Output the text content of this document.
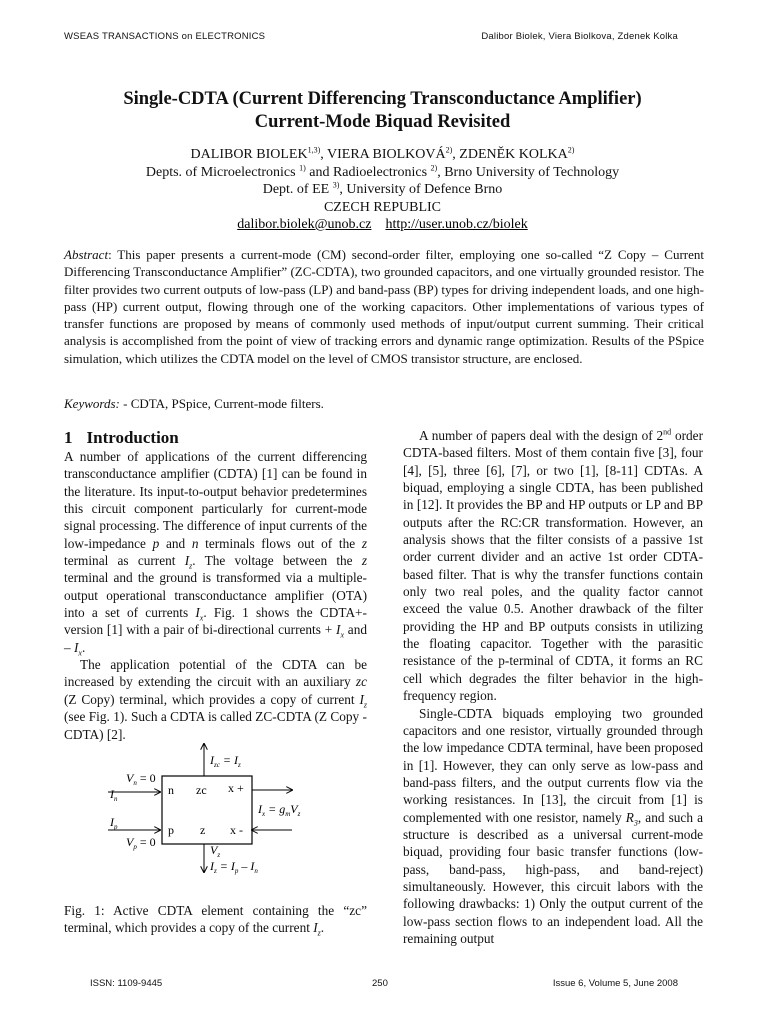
WSEAS TRANSACTIONS on ELECTRONICS	Dalibor Biolek, Viera Biolkova, Zdenek Kolka
Single-CDTA (Current Differencing Transconductance Amplifier)
Current-Mode Biquad Revisited
DALIBOR BIOLEK$^{1,3)}$, VIERA BIOLKOVÁ$^{2)}$, ZDENĚK KOLKA$^{2)}$
Depts. of Microelectronics $^{1)}$ and Radioelectronics $^{2)}$, Brno University of Technology
Dept. of EE $^{3)}$, University of Defence Brno
CZECH REPUBLIC
dalibor.biolek@unob.cz http://user.unob.cz/biolek
Abstract: This paper presents a current-mode (CM) second-order filter, employing one so-called “Z Copy – Current Differencing Transconductance Amplifier” (ZC-CDTA), two grounded capacitors, and one virtually grounded resistor. The filter provides two current outputs of low-pass (LP) and band-pass (BP) types for driving independent loads, and one high-pass (HP) current output, flowing through one of the working capacitors. Other implementations of various types of transfer functions are proposed by means of commonly used methods of input/output current summing. Their critical analysis is accomplished from the point of view of tracking errors and dynamic range optimization. Results of the PSpice simulation, which utilizes the CDTA model on the level of CMOS transistor structure, are enclosed.
Keywords: - CDTA, PSpice, Current-mode filters.
1 Introduction

A number of applications of the current differencing transconductance amplifier (CDTA) [1] can be found in the literature. Its input-to-output behavior predetermines this circuit component particularly for current-mode signal processing. The difference of input currents of the low-impedance p and n terminals flows out of the z terminal as current $I_z$. The voltage between the z terminal and the ground is transformed via a multiple-output operational transconductance amplifier (OTA) into a set of currents $I_x$. Fig. 1 shows the CDTA+- version [1] with a pair of bi-directional currents + $I_x$ and – $I_x$.

The application potential of the CDTA can be increased by extending the circuit with an auxiliary zc (Z Copy) terminal, which provides a copy of current $I_z$ (see Fig. 1). Such a CDTA is called ZC-CDTA (Z Copy - CDTA) [2].

$I_{zc} = I_z$
$V_n = 0$
$I_n$
n zc x +
p z x -
$I_x = g_mV_z$
$I_p$
$V_p = 0$
$V_z$
$I_z = I_p - I_n$
Fig. 1: Active CDTA element containing the “zc” terminal, which provides a copy of the current $I_z$.

A number of papers deal with the design of 2nd order CDTA-based filters. Most of them contain five [3], four [4], [5], three [6], [7], or two [1], [8-11] CDTAs. A biquad, employing a single CDTA, has been published in [12]. It provides the BP and HP outputs or LP and BP outputs after the RC:CR transformation. However, an analysis shows that the filter consists of a passive 1st order current divider and an active 1st order CDTA-based filter. That is why the transfer functions contain only two real poles, and the quality factor cannot exceed the value 0.5. Another drawback of the filter providing the HP and BP outputs consists in utilizing the floating capacitor. Together with the parasitic resistance of the p-terminal of CDTA, it forms an RC cell which degrades the filter behavior in the high-frequency region.

Single-CDTA biquads employing two grounded capacitors and one resistor, virtually grounded through the low impedance CDTA terminal, have been proposed in [1]. However, they can only serve as low-pass and band-pass filters, and the output currents flow via the working resistances. In [13], the circuit from [1] is complemented with one resistor, namely $R_3$, and such a structure is described as a universal current-mode biquad, providing four basic transfer functions (low-pass, band-pass, high-pass, and band-reject) simultaneously. However, this circuit labors with the following drawbacks: 1) Only the output current of the low-pass section flows to an independent load. All the remaining output

ISSN: 1109-9445	250	Issue 6, Volume 5, June 2008
